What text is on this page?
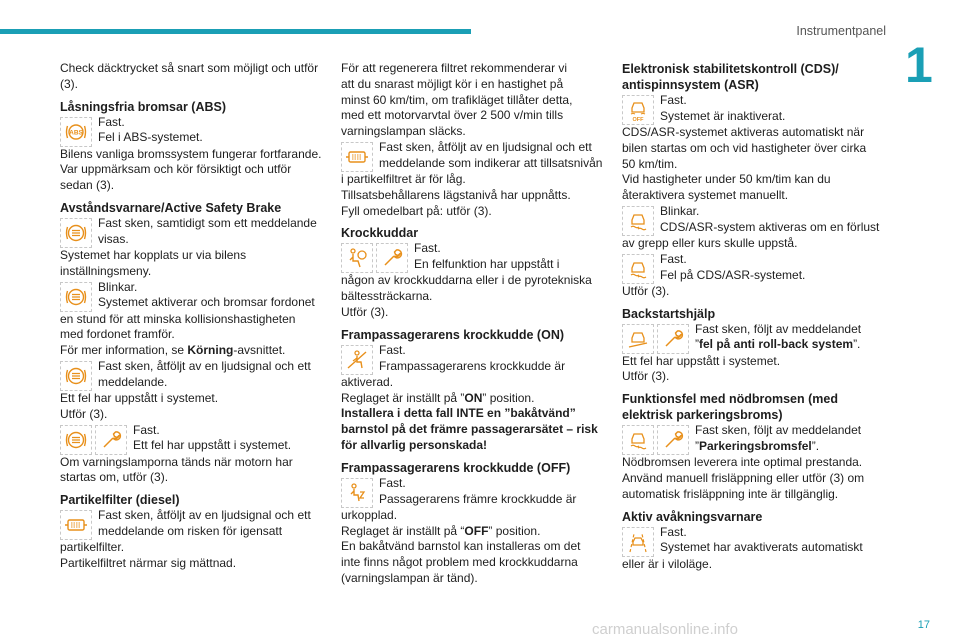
Instrumentpanel
1
Check däcktrycket så snart som möjligt och utför
(3).
Låsningsfria bromsar (ABS)
ABS
Fast.
Fel i ABS-systemet.
Bilens vanliga bromssystem fungerar fortfarande.
Var uppmärksam och kör försiktigt och utför
sedan (3).
Avståndsvarnare/Active Safety Brake
Fast sken, samtidigt som ett meddelande
visas.
Systemet har kopplats ur via bilens
inställningsmeny.
Blinkar.
Systemet aktiverar och bromsar fordonet
en stund för att minska kollisionshastigheten
med fordonet framför.
För mer information, se Körning-avsnittet.
Fast sken, åtföljt av en ljudsignal och ett
meddelande.
Ett fel har uppstått i systemet.
Utför (3).
Fast.
Ett fel har uppstått i systemet.
Om varningslamporna tänds när motorn har
startas om, utför (3).
Partikelfilter (diesel)
Fast sken, åtföljt av en ljudsignal och ett
meddelande om risken för igensatt
partikelfilter.
Partikelfiltret närmar sig mättnad.
För att regenerera filtret rekommenderar vi
att du snarast möjligt kör i en hastighet på
minst 60 km/tim, om trafikläget tillåter detta,
med ett motorvarvtal över 2 500 v/min tills
varningslampan släcks.
Fast sken, åtföljt av en ljudsignal och ett
meddelande som indikerar att tillsatsnivån
i partikelfiltret är för låg.
Tillsatsbehållarens lägstanivå har uppnåtts.
Fyll omedelbart på: utför (3).
Krockkuddar
Fast.
En felfunktion har uppstått i
någon av krockkuddarna eller i de pyrotekniska
bältessträckarna.
Utför (3).
Frampassagerarens krockkudde (ON)
Fast.
Frampassagerarens krockkudde är
aktiverad.
Reglaget är inställt på ”ON” position.
Installera i detta fall INTE en ”bakåtvänd”
barnstol på det främre passagerarsätet – risk
för allvarlig personskada!
Frampassagerarens krockkudde (OFF)
Fast.
Passagerarens främre krockkudde är
urkopplad.
Reglaget är inställt på “OFF” position.
En bakåtvänd barnstol kan installeras om det
inte finns något problem med krockkuddarna
(varningslampan är tänd).
Elektronisk stabilitetskontroll (CDS)/
antispinnsystem (ASR)
OFF
Fast.
Systemet är inaktiverat.
CDS/ASR-systemet aktiveras automatiskt när
bilen startas om och vid hastigheter över cirka
50 km/tim.
Vid hastigheter under 50 km/tim kan du
återaktivera systemet manuellt.
Blinkar.
CDS/ASR-system aktiveras om en förlust
av grepp eller kurs skulle uppstå.
Fast.
Fel på CDS/ASR-systemet.
Utför (3).
Backstartshjälp
Fast sken, följt av meddelandet
”fel på anti roll-back system”.
Ett fel har uppstått i systemet.
Utför (3).
Funktionsfel med nödbromsen (med
elektrisk parkeringsbroms)
Fast sken, följt av meddelandet
”Parkeringsbromsfel”.
Nödbromsen leverera inte optimal prestanda.
Använd manuell frisläppning eller utför (3) om
automatisk frisläppning inte är tillgänglig.
Aktiv avåkningsvarnare
Fast.
Systemet har avaktiverats automatiskt
eller är i viloläge.
carmanualsonline.info	17
